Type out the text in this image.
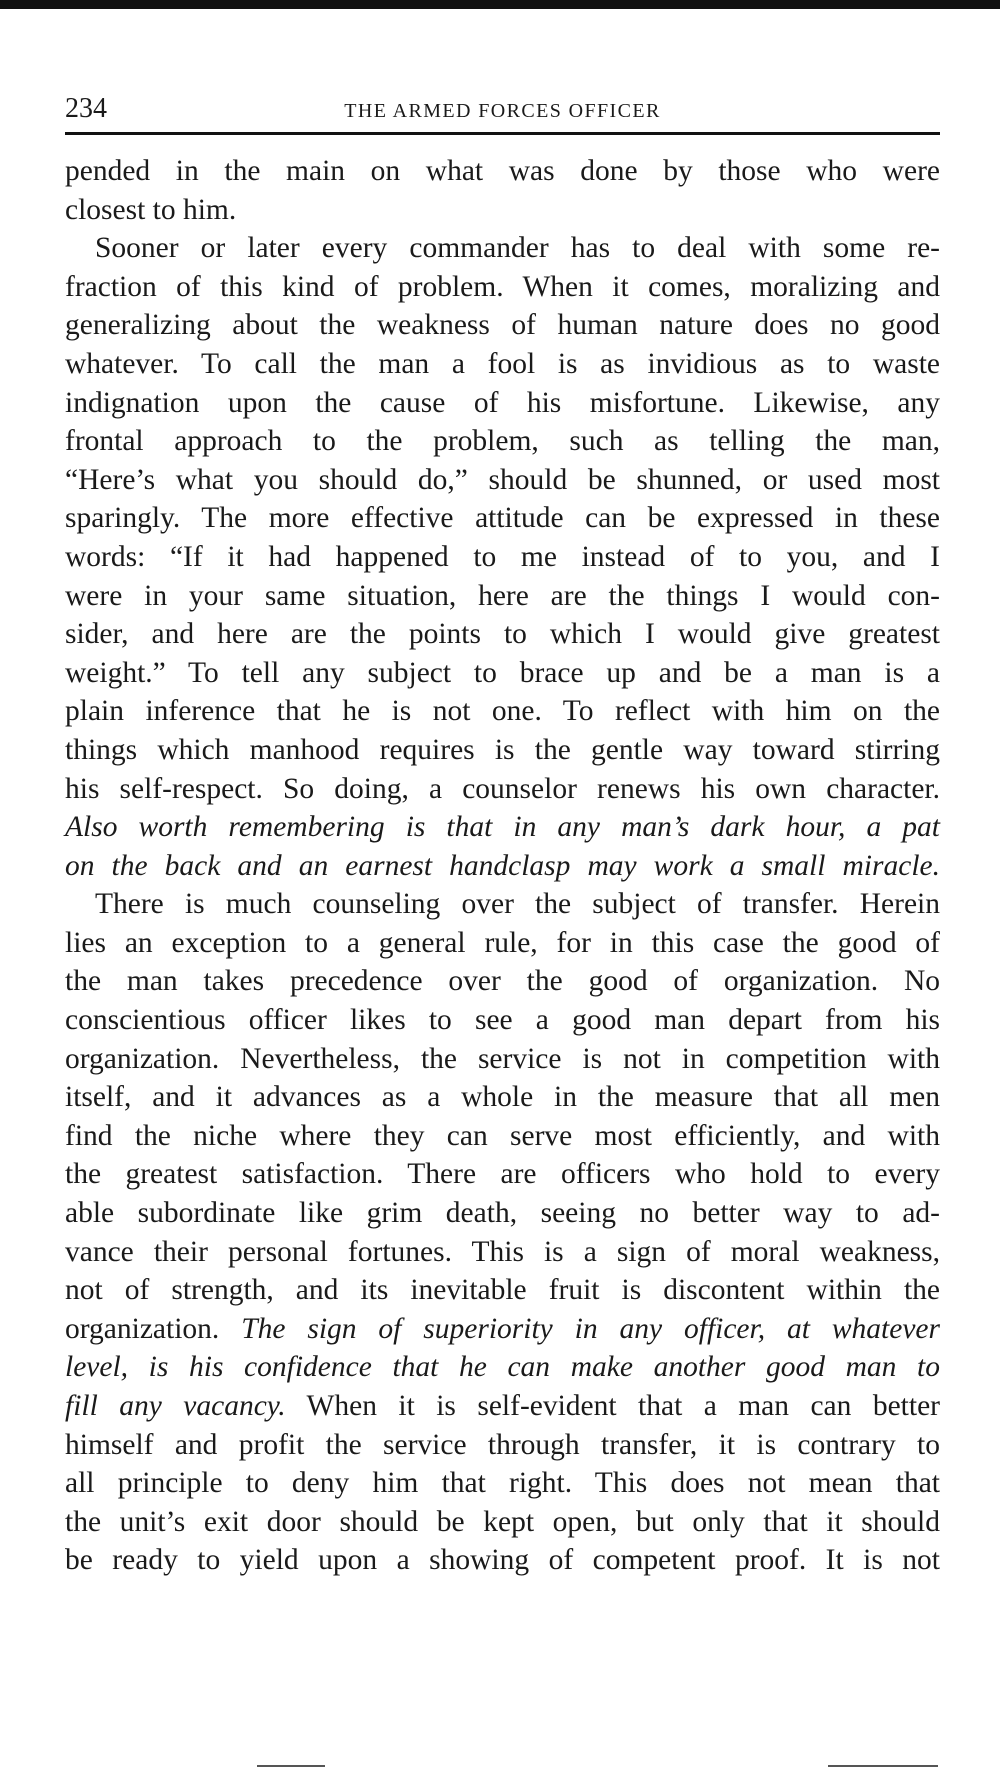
234	THE ARMED FORCES OFFICER
pended in the main on what was done by those who were
closest to him.
Sooner or later every commander has to deal with some re-
fraction of this kind of problem. When it comes, moralizing and
generalizing about the weakness of human nature does no good
whatever. To call the man a fool is as invidious as to waste
indignation upon the cause of his misfortune. Likewise, any
frontal approach to the problem, such as telling the man,
“Here’s what you should do,” should be shunned, or used most
sparingly. The more effective attitude can be expressed in these
words: “If it had happened to me instead of to you, and I
were in your same situation, here are the things I would con-
sider, and here are the points to which I would give greatest
weight.” To tell any subject to brace up and be a man is a
plain inference that he is not one. To reflect with him on the
things which manhood requires is the gentle way toward stirring
his self-respect. So doing, a counselor renews his own character.
Also worth remembering is that in any man’s dark hour, a pat
on the back and an earnest handclasp may work a small miracle.
There is much counseling over the subject of transfer. Herein
lies an exception to a general rule, for in this case the good of
the man takes precedence over the good of organization. No
conscientious officer likes to see a good man depart from his
organization. Nevertheless, the service is not in competition with
itself, and it advances as a whole in the measure that all men
find the niche where they can serve most efficiently, and with
the greatest satisfaction. There are officers who hold to every
able subordinate like grim death, seeing no better way to ad-
vance their personal fortunes. This is a sign of moral weakness,
not of strength, and its inevitable fruit is discontent within the
organization. The sign of superiority in any officer, at whatever
level, is his confidence that he can make another good man to
fill any vacancy. When it is self-evident that a man can better
himself and profit the service through transfer, it is contrary to
all principle to deny him that right. This does not mean that
the unit’s exit door should be kept open, but only that it should
be ready to yield upon a showing of competent proof. It is not
